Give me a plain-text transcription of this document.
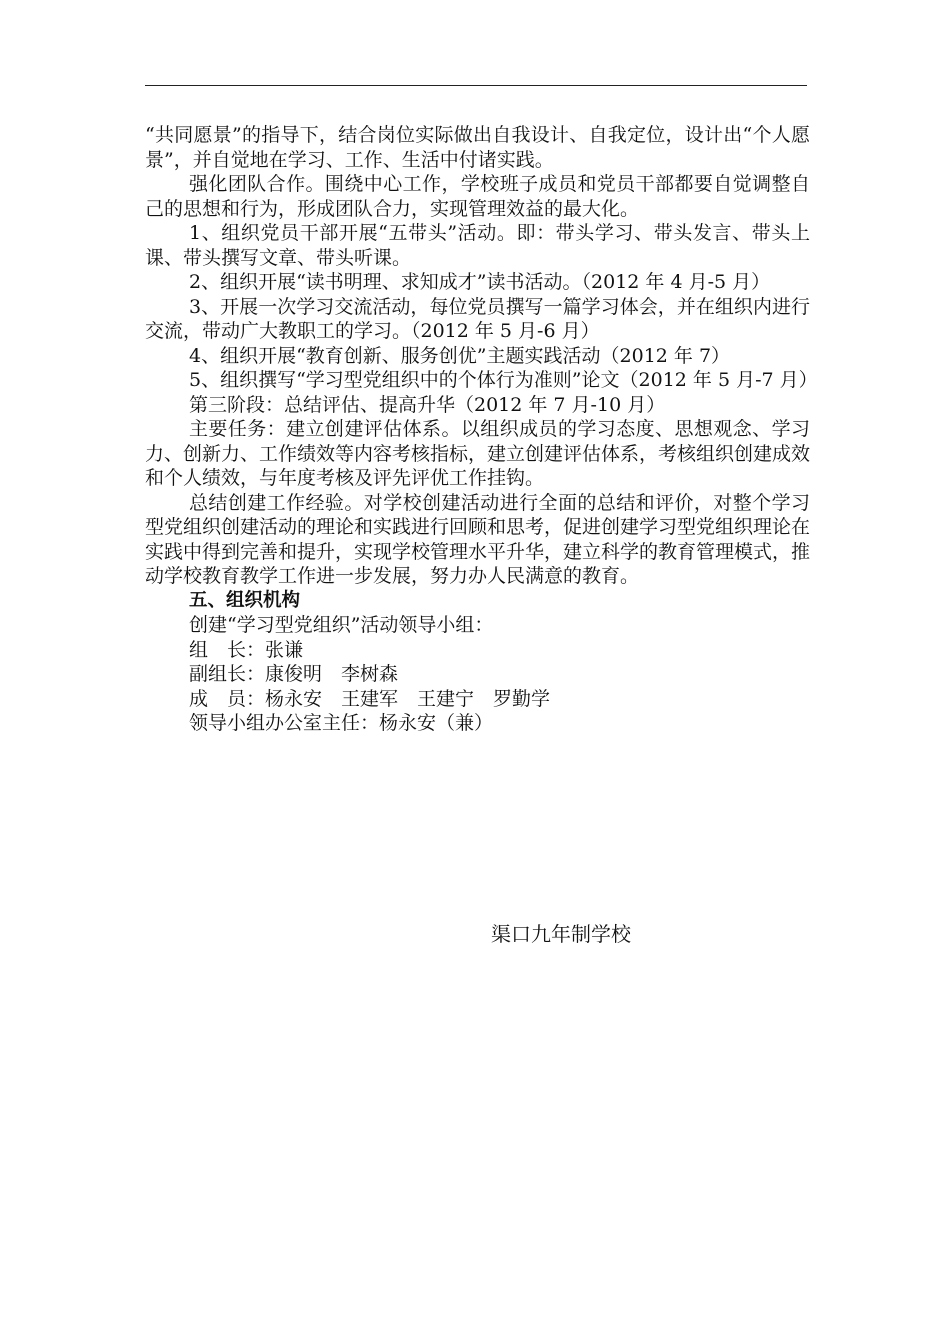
“共同愿景”的指导下，结合岗位实际做出自我设计、自我定位，设计出“个人愿景”，并自觉地在学习、工作、生活中付诸实践。

强化团队合作。围绕中心工作，学校班子成员和党员干部都要自觉调整自己的思想和行为，形成团队合力，实现管理效益的最大化。

1、组织党员干部开展“五带头”活动。即：带头学习、带头发言、带头上课、带头撰写文章、带头听课。

2、组织开展“读书明理、求知成才”读书活动。（2012 年 4 月-5 月）

3、开展一次学习交流活动，每位党员撰写一篇学习体会，并在组织内进行交流，带动广大教职工的学习。（2012 年 5 月-6 月）

4、组织开展“教育创新、服务创优”主题实践活动（2012 年 7）

5、组织撰写“学习型党组织中的个体行为准则”论文（2012 年 5 月-7 月）

第三阶段：总结评估、提高升华（2012 年 7 月-10 月）

主要任务：建立创建评估体系。以组织成员的学习态度、思想观念、学习力、创新力、工作绩效等内容考核指标，建立创建评估体系，考核组织创建成效和个人绩效，与年度考核及评先评优工作挂钩。

总结创建工作经验。对学校创建活动进行全面的总结和评价，对整个学习型党组织创建活动的理论和实践进行回顾和思考，促进创建学习型党组织理论在实践中得到完善和提升，实现学校管理水平升华，建立科学的教育管理模式，推动学校教育教学工作进一步发展，努力办人民满意的教育。

五、组织机构

创建“学习型党组织”活动领导小组：

组　长：张谦

副组长：康俊明　李树森

成　员：杨永安　王建军　王建宁　罗勤学

领导小组办公室主任：杨永安（兼）

渠口九年制学校
